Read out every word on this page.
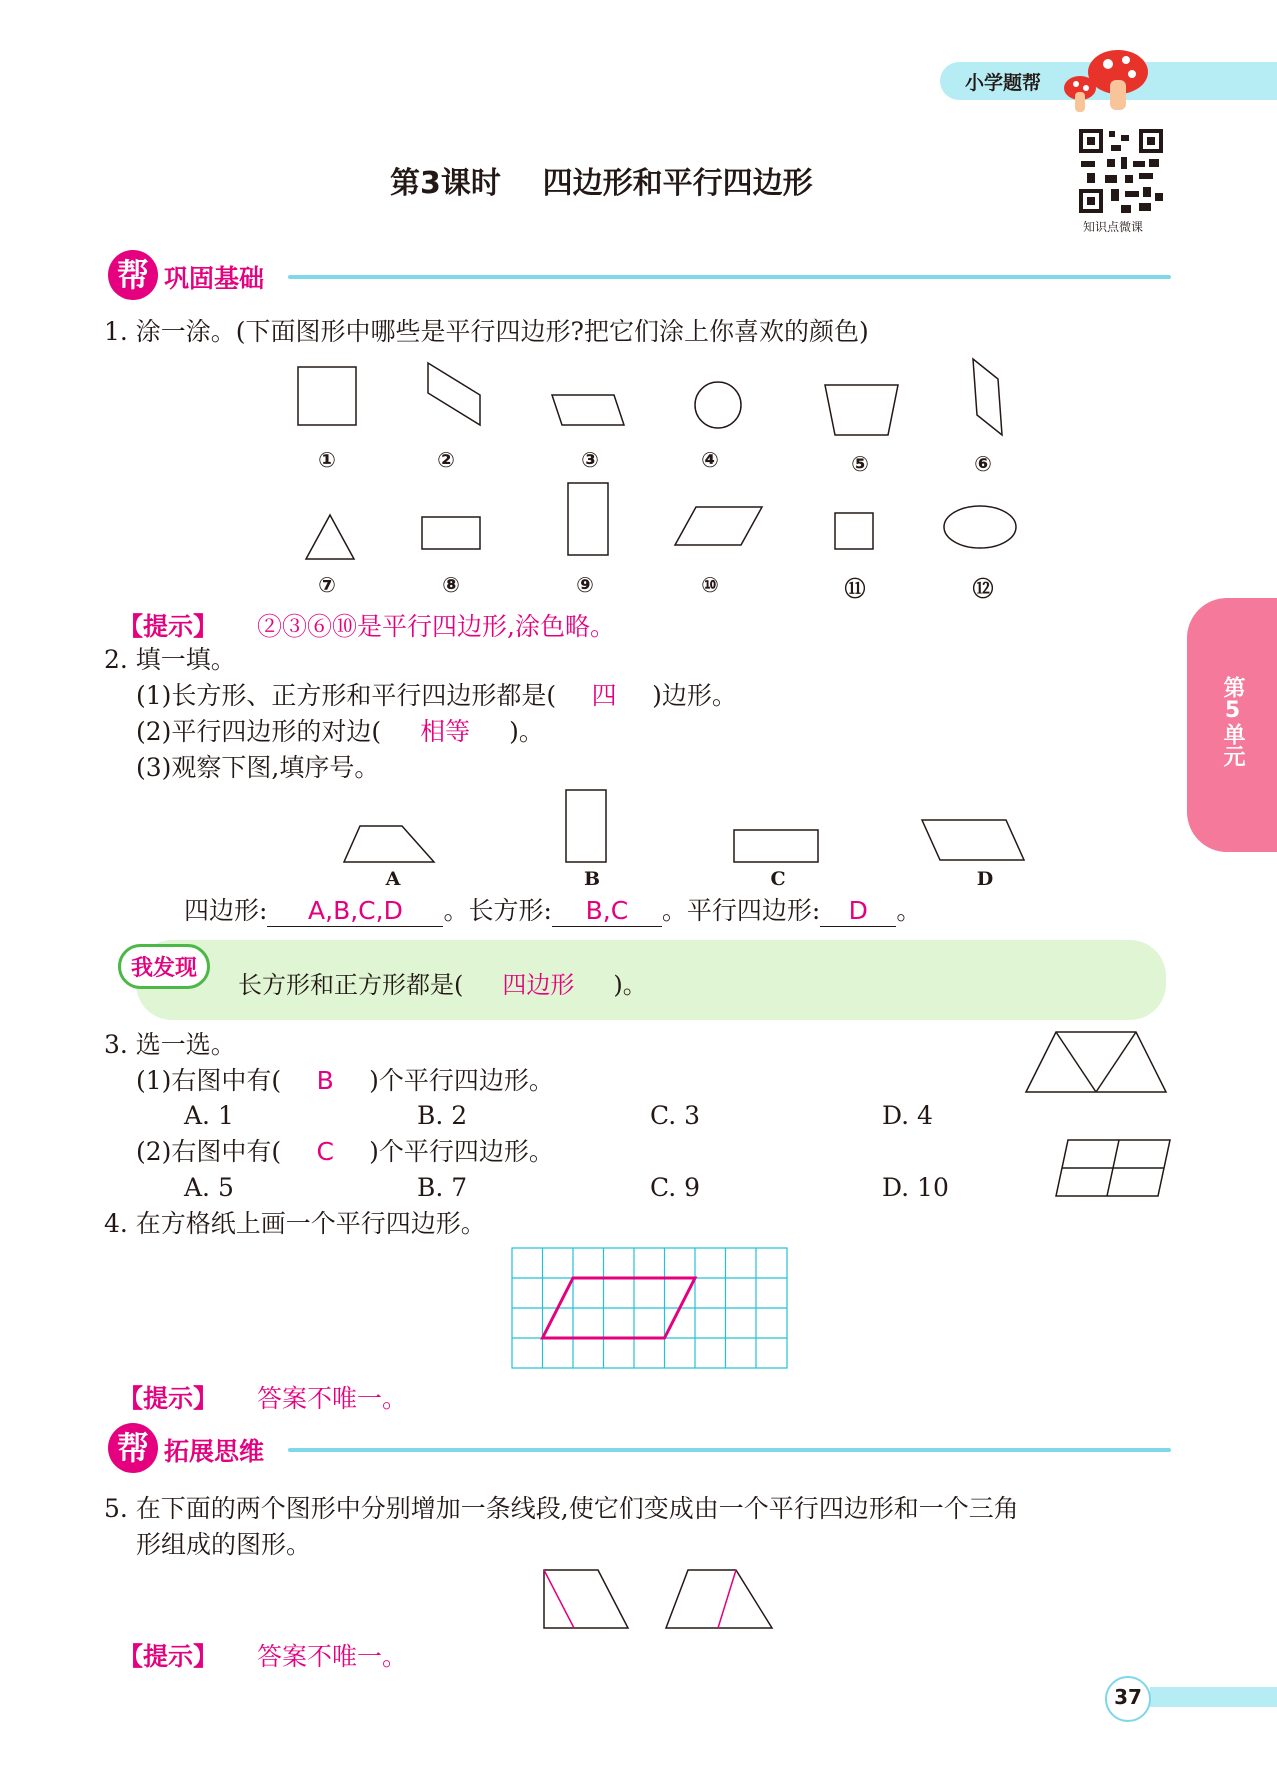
小学题帮
知识点微课
第3课时    四边形和平行四边形
第5单元
帮 巩固基础
1. 涂一涂。(下面图形中哪些是平行四边形?把它们涂上你喜欢的颜色)
①	②	③	④	⑤	⑥
⑦	⑧	⑨	⑩	⑪	⑫
【提示】 ②③⑥⑩是平行四边形,涂色略。
2. 填一填。
(1)长方形、正方形和平行四边形都是( 四 )边形。
(2)平行四边形的对边( 相等 )。
(3)观察下图,填序号。
A	B	C	D
四边形: A,B,C,D 。长方形: B,C 。平行四边形: D 。
我发现
长方形和正方形都是( 四边形 )。
3. 选一选。
(1)右图中有( B )个平行四边形。
A. 1	B. 2	C. 3	D. 4
(2)右图中有( C )个平行四边形。
A. 5	B. 7	C. 9	D. 10
4. 在方格纸上画一个平行四边形。
【提示】 答案不唯一。
帮 拓展思维
5. 在下面的两个图形中分别增加一条线段,使它们变成由一个平行四边形和一个三角
形组成的图形。
【提示】 答案不唯一。
37
